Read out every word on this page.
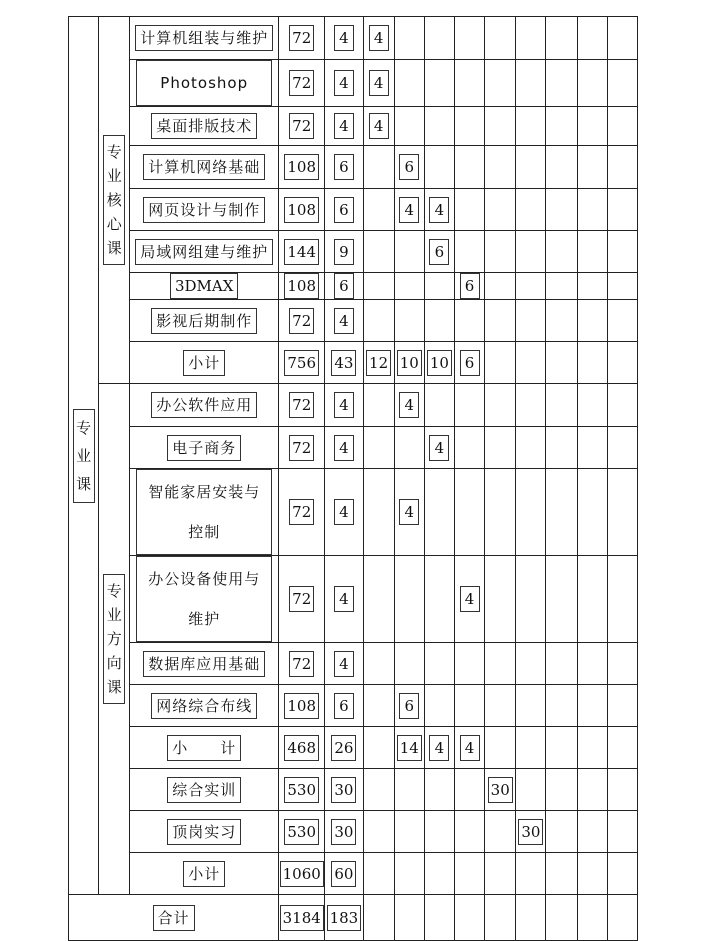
专
业
课	专
业
核
心
课	计算机组装与维护	72	4	4								
		Photoshop	72	4	4								
		桌面排版技术	72	4	4								
		计算机网络基础	108	6		6							
		网页设计与制作	108	6		4	4						
		局域网组建与维护	144	9			6						
		3DMAX	108	6				6					
		影视后期制作	72	4									
		小计	756	43	12	10	10	6					

	专
业
方
向
课	办公软件应用	72	4		4							
		电子商务	72	4			4						
		智能家居安装与控制	72	4		4							
		办公设备使用与维护	72	4				4					
		数据库应用基础	72	4									
		网络综合布线	108	6		6							
		小　　计	468	26		14	4	4					
		综合实训	530	30					30				
		顶岗实习	530	30						30			
		小计	1060	60									
合计			3184	183									
